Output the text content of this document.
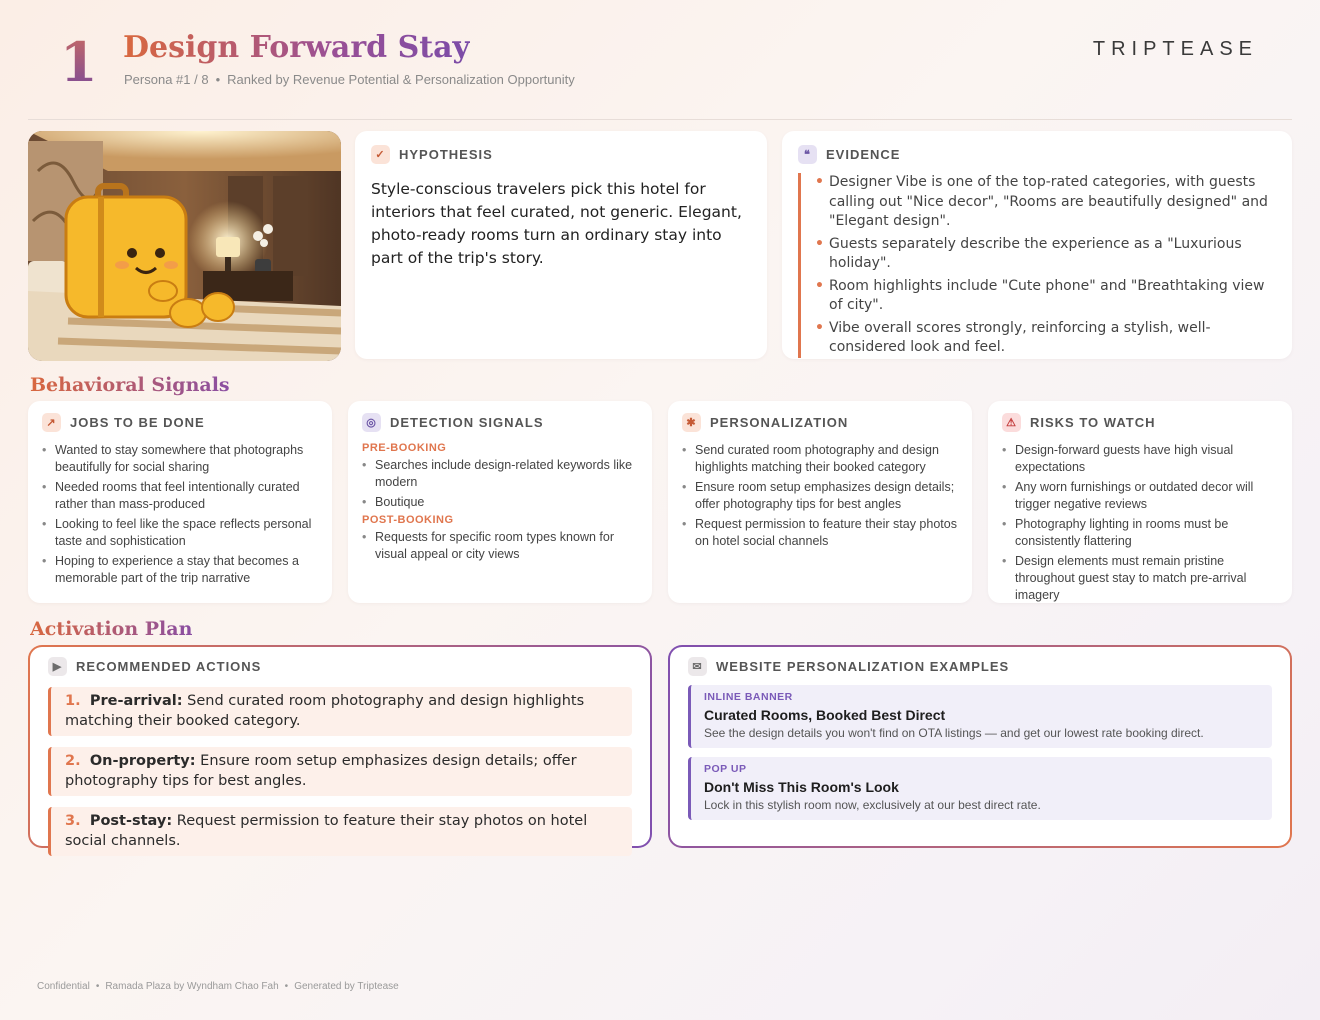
1 Design Forward Stay
Persona #1 / 8 • Ranked by Revenue Potential & Personalization Opportunity
TRIPTEASE
✓	HYPOTHESIS
Style-conscious travelers pick this hotel for interiors that feel curated, not generic. Elegant, photo-ready rooms turn an ordinary stay into part of the trip's story.
❝	EVIDENCE
• Designer Vibe is one of the top-rated categories, with guests calling out "Nice decor", "Rooms are beautifully designed" and "Elegant design".
• Guests separately describe the experience as a "Luxurious holiday".
• Room highlights include "Cute phone" and "Breathtaking view of city".
• Vibe overall scores strongly, reinforcing a stylish, well-considered look and feel.
Behavioral Signals
↗	JOBS TO BE DONE
• Wanted to stay somewhere that photographs beautifully for social sharing
• Needed rooms that feel intentionally curated rather than mass-produced
• Looking to feel like the space reflects personal taste and sophistication
• Hoping to experience a stay that becomes a memorable part of the trip narrative
◎	DETECTION SIGNALS
PRE-BOOKING
• Searches include design-related keywords like modern
• Boutique
POST-BOOKING
• Requests for specific room types known for visual appeal or city views
✱	PERSONALIZATION
• Send curated room photography and design highlights matching their booked category
• Ensure room setup emphasizes design details; offer photography tips for best angles
• Request permission to feature their stay photos on hotel social channels
⚠	RISKS TO WATCH
• Design-forward guests have high visual expectations
• Any worn furnishings or outdated decor will trigger negative reviews
• Photography lighting in rooms must be consistently flattering
• Design elements must remain pristine throughout guest stay to match pre-arrival imagery
Activation Plan
▶	RECOMMENDED ACTIONS
1. Pre-arrival: Send curated room photography and design highlights matching their booked category.
2. On-property: Ensure room setup emphasizes design details; offer photography tips for best angles.
3. Post-stay: Request permission to feature their stay photos on hotel social channels.
✉	WEBSITE PERSONALIZATION EXAMPLES
INLINE BANNER
Curated Rooms, Booked Best Direct
See the design details you won't find on OTA listings — and get our lowest rate booking direct.
POP UP
Don't Miss This Room's Look
Lock in this stylish room now, exclusively at our best direct rate.
Confidential • Ramada Plaza by Wyndham Chao Fah • Generated by Triptease
